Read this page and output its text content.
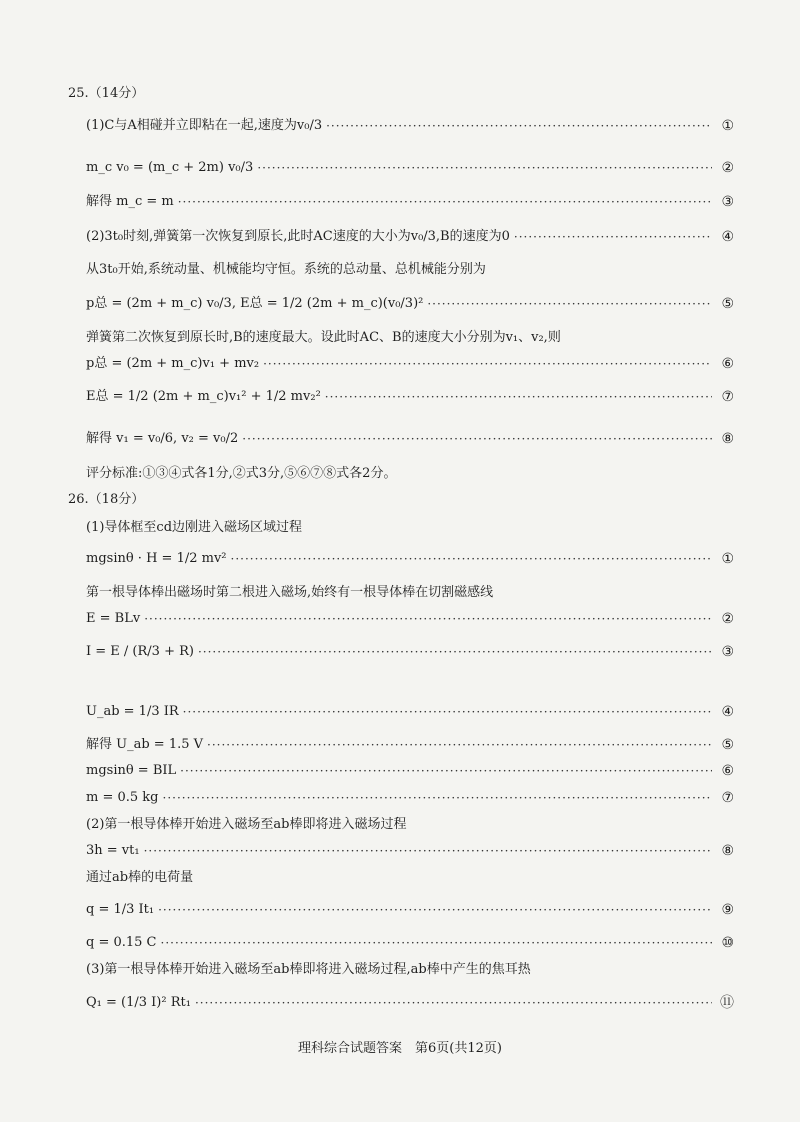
25.（14分）
(1)C与A相碰并立即粘在一起,速度为v₀/3 ·····	①
m_c v₀ = (m_c + 2m) v₀/3 ·····	②
解得 m_c = m ·····	③
(2)3t₀时刻,弹簧第一次恢复到原长,此时AC速度的大小为v₀/3,B的速度为0 ·····	④
从3t₀开始,系统动量、机械能均守恒。系统的总动量、总机械能分别为
p总 = (2m + m_c) v₀/3, E总 = 1/2 (2m + m_c)(v₀/3)² ·····	⑤
弹簧第二次恢复到原长时,B的速度最大。设此时AC、B的速度大小分别为v₁、v₂,则
p总 = (2m + m_c)v₁ + mv₂ ·····	⑥
E总 = 1/2 (2m + m_c)v₁² + 1/2 mv₂² ·····	⑦
解得 v₁ = v₀/6, v₂ = v₀/2 ·····	⑧
评分标准:①③④式各1分,②式3分,⑤⑥⑦⑧式各2分。
26.（18分）
(1)导体框至cd边刚进入磁场区域过程
mgsinθ · H = 1/2 mv² ·····	①
第一根导体棒出磁场时第二根进入磁场,始终有一根导体棒在切割磁感线
E = BLv ·····	②
I = E / (R/3 + R) ·····	③
U_ab = 1/3 IR ·····	④
解得 U_ab = 1.5 V ·····	⑤
mgsinθ = BIL ·····	⑥
m = 0.5 kg ·····	⑦
(2)第一根导体棒开始进入磁场至ab棒即将进入磁场过程
3h = vt₁ ·····	⑧
通过ab棒的电荷量
q = 1/3 It₁ ·····	⑨
q = 0.15 C ·····	⑩
(3)第一根导体棒开始进入磁场至ab棒即将进入磁场过程,ab棒中产生的焦耳热
Q₁ = (1/3 I)² Rt₁ ·····	⑪
理科综合试题答案　第6页(共12页)
